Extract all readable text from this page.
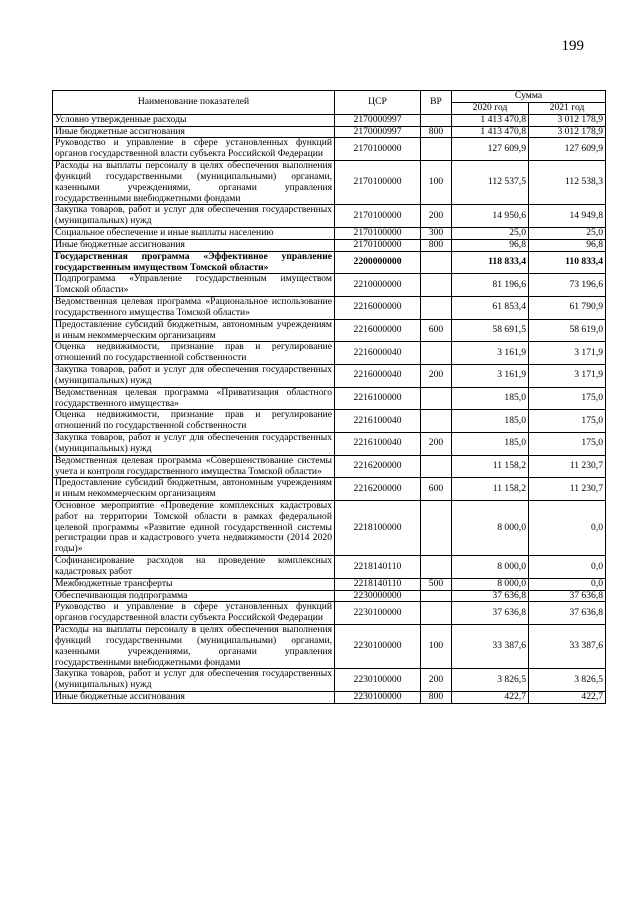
199
Наименование показателей	ЦСР	ВР	Сумма	
			2020 год	2021 год
Условно утвержденные расходы	2170000997		1 413 470,8	3 012 178,9
Иные бюджетные ассигнования	2170000997	800	1 413 470,8	3 012 178,9
Руководство и управление в сфере установленных функций органов государственной власти субъекта Российской Федерации	2170100000		127 609,9	127 609,9
Расходы на выплаты персоналу в целях обеспечения выполнения функций государственными (муниципальными) органами, казенными учреждениями, органами управления государственными внебюджетными фондами	2170100000	100	112 537,5	112 538,3
Закупка товаров, работ и услуг для обеспечения государственных (муниципальных) нужд	2170100000	200	14 950,6	14 949,8
Социальное обеспечение и иные выплаты населению	2170100000	300	25,0	25,0
Иные бюджетные ассигнования	2170100000	800	96,8	96,8
Государственная программа «Эффективное управление государственным имуществом Томской области»	2200000000		118 833,4	110 833,4
Подпрограмма «Управление государственным имуществом Томской области»	2210000000		81 196,6	73 196,6
Ведомственная целевая программа «Рациональное использование государственного имущества Томской области»	2216000000		61 853,4	61 790,9
Предоставление субсидий бюджетным, автономным учреждениям и иным некоммерческим организациям	2216000000	600	58 691,5	58 619,0
Оценка недвижимости, признание прав и регулирование отношений по государственной собственности	2216000040		3 161,9	3 171,9
Закупка товаров, работ и услуг для обеспечения государственных (муниципальных) нужд	2216000040	200	3 161,9	3 171,9
Ведомственная целевая программа «Приватизация областного государственного имущества»	2216100000		185,0	175,0
Оценка недвижимости, признание прав и регулирование отношений по государственной собственности	2216100040		185,0	175,0
Закупка товаров, работ и услуг для обеспечения государственных (муниципальных) нужд	2216100040	200	185,0	175,0
Ведомственная целевая программа «Совершенствование системы учета и контроля государственного имущества Томской области»	2216200000		11 158,2	11 230,7
Предоставление субсидий бюджетным, автономным учреждениям и иным некоммерческим организациям	2216200000	600	11 158,2	11 230,7
Основное мероприятие «Проведение комплексных кадастровых работ на территории Томской области в рамках федеральной целевой программы «Развитие единой государственной системы регистрации прав и кадастрового учета недвижимости (2014 2020 годы)»	2218100000		8 000,0	0,0
Софинансирование расходов на проведение комплексных кадастровых работ	2218140110		8 000,0	0,0
Межбюджетные трансферты	2218140110	500	8 000,0	0,0
Обеспечивающая подпрограмма	2230000000		37 636,8	37 636,8
Руководство и управление в сфере установленных функций органов государственной власти субъекта Российской Федерации	2230100000		37 636,8	37 636,8
Расходы на выплаты персоналу в целях обеспечения выполнения функций государственными (муниципальными) органами, казенными учреждениями, органами управления государственными внебюджетными фондами	2230100000	100	33 387,6	33 387,6
Закупка товаров, работ и услуг для обеспечения государственных (муниципальных) нужд	2230100000	200	3 826,5	3 826,5
Иные бюджетные ассигнования	2230100000	800	422,7	422,7
